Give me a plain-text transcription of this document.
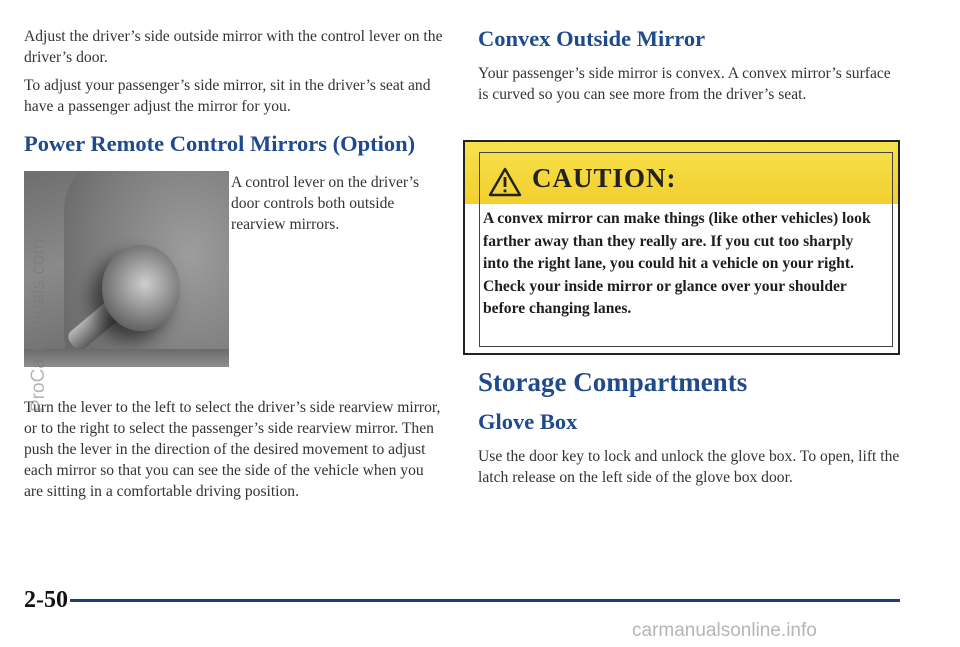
Adjust the driver’s side outside mirror with the control lever on the driver’s door.

To adjust your passenger’s side mirror, sit in the driver’s seat and have a passenger adjust the mirror for you.

Power Remote Control Mirrors (Option)

A control lever on the driver’s door controls both outside rearview mirrors.

Turn the lever to the left to select the driver’s side rearview mirror, or to the right to select the passenger’s side rearview mirror. Then push the lever in the direction of the desired movement to adjust each mirror so that you can see the side of the vehicle when you are sitting in a comfortable driving position.

Convex Outside Mirror

Your passenger’s side mirror is convex. A convex mirror’s surface is curved so you can see more from the driver’s seat.

CAUTION:

A convex mirror can make things (like other vehicles) look farther away than they really are. If you cut too sharply into the right lane, you could hit a vehicle on your right. Check your inside mirror or glance over your shoulder before changing lanes.

Storage Compartments
Glove Box

Use the door key to lock and unlock the glove box. To open, lift the latch release on the left side of the glove box door.

2-50

ProCarManuals.com

carmanualsonline.info
